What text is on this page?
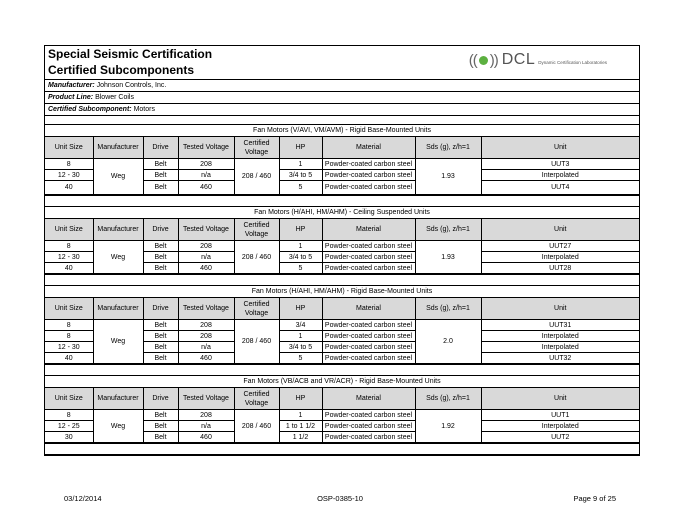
Special Seismic Certification
Certified Subcomponents
(( )) DCL Dynamic Certification Laboratories
Manufacturer: Johnson Controls, Inc.
Product Line: Blower Coils
Certified Subcomponent: Motors
Fan Motors (V/AVI, VM/AVM) - Rigid Base-Mounted Units
Unit Size	Manufacturer	Drive	Tested Voltage	Certified Voltage	HP	Material	Sds (g), z/h=1	Unit
8	Weg	Belt	208	208 / 460	1	Powder-coated carbon steel	1.93	UUT3
12 - 30		Belt	n/a		3/4 to 5	Powder-coated carbon steel		Interpolated
40		Belt	460		5	Powder-coated carbon steel		UUT4
Fan Motors (H/AHI, HM/AHM) - Ceiling Suspended Units
Unit Size	Manufacturer	Drive	Tested Voltage	Certified Voltage	HP	Material	Sds (g), z/h=1	Unit
8	Weg	Belt	208	208 / 460	1	Powder-coated carbon steel	1.93	UUT27
12 - 30		Belt	n/a		3/4 to 5	Powder-coated carbon steel		Interpolated
40		Belt	460		5	Powder-coated carbon steel		UUT28
Fan Motors (H/AHI, HM/AHM) - Rigid Base-Mounted Units
Unit Size	Manufacturer	Drive	Tested Voltage	Certified Voltage	HP	Material	Sds (g), z/h=1	Unit
8	Weg	Belt	208	208 / 460	3/4	Powder-coated carbon steel	2.0	UUT31
8		Belt	208		1	Powder-coated carbon steel		Interpolated
12 - 30		Belt	n/a		3/4 to 5	Powder-coated carbon steel		Interpolated
40		Belt	460		5	Powder-coated carbon steel		UUT32
Fan Motors (VB/ACB and VR/ACR) - Rigid Base-Mounted Units
Unit Size	Manufacturer	Drive	Tested Voltage	Certified Voltage	HP	Material	Sds (g), z/h=1	Unit
8	Weg	Belt	208	208 / 460	1	Powder-coated carbon steel	1.92	UUT1
12 - 25		Belt	n/a		1 to 1 1/2	Powder-coated carbon steel		Interpolated
30		Belt	460		1 1/2	Powder-coated carbon steel		UUT2
03/12/2014	OSP-0385-10	Page 9 of 25
